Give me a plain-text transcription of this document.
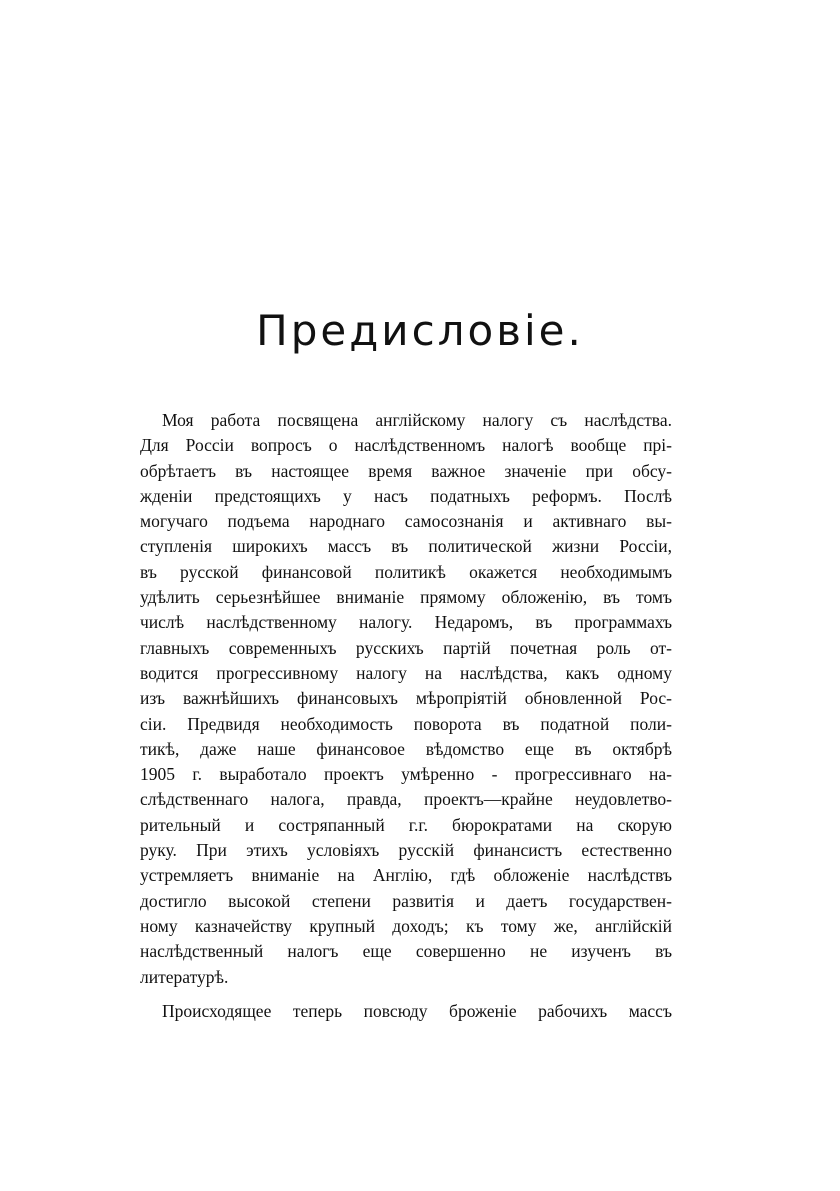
Предисловіе.
Моя работа посвящена англійскому налогу съ наслѣдства.
Для Россіи вопросъ о наслѣдственномъ налогѣ вообще прі-
обрѣтаетъ въ настоящее время важное значеніе при обсу-
жденіи предстоящихъ у насъ податныхъ реформъ. Послѣ
могучаго подъема народнаго самосознанія и активнаго вы-
ступленія широкихъ массъ въ политической жизни Россіи,
въ русской финансовой политикѣ окажется необходимымъ
удѣлить серьезнѣйшее вниманіе прямому обложенію, въ томъ
числѣ наслѣдственному налогу. Недаромъ, въ программахъ
главныхъ современныхъ русскихъ партій почетная роль от-
водится прогрессивному налогу на наслѣдства, какъ одному
изъ важнѣйшихъ финансовыхъ мѣропріятій обновленной Рос-
сіи. Предвидя необходимость поворота въ податной поли-
тикѣ, даже наше финансовое вѣдомство еще въ октябрѣ
1905 г. выработало проектъ умѣренно - прогрессивнаго на-
слѣдственнаго налога, правда, проектъ—крайне неудовлетво-
рительный и состряпанный г.г. бюрократами на скорую
руку. При этихъ условіяхъ русскій финансистъ естественно
устремляетъ вниманіе на Англію, гдѣ обложеніе наслѣдствъ
достигло высокой степени развитія и даетъ государствен-
ному казначейству крупный доходъ; къ тому же, англійскій
наслѣдственный налогъ еще совершенно не изученъ въ
литературѣ.
Происходящее теперь повсюду броженіе рабочихъ массъ
